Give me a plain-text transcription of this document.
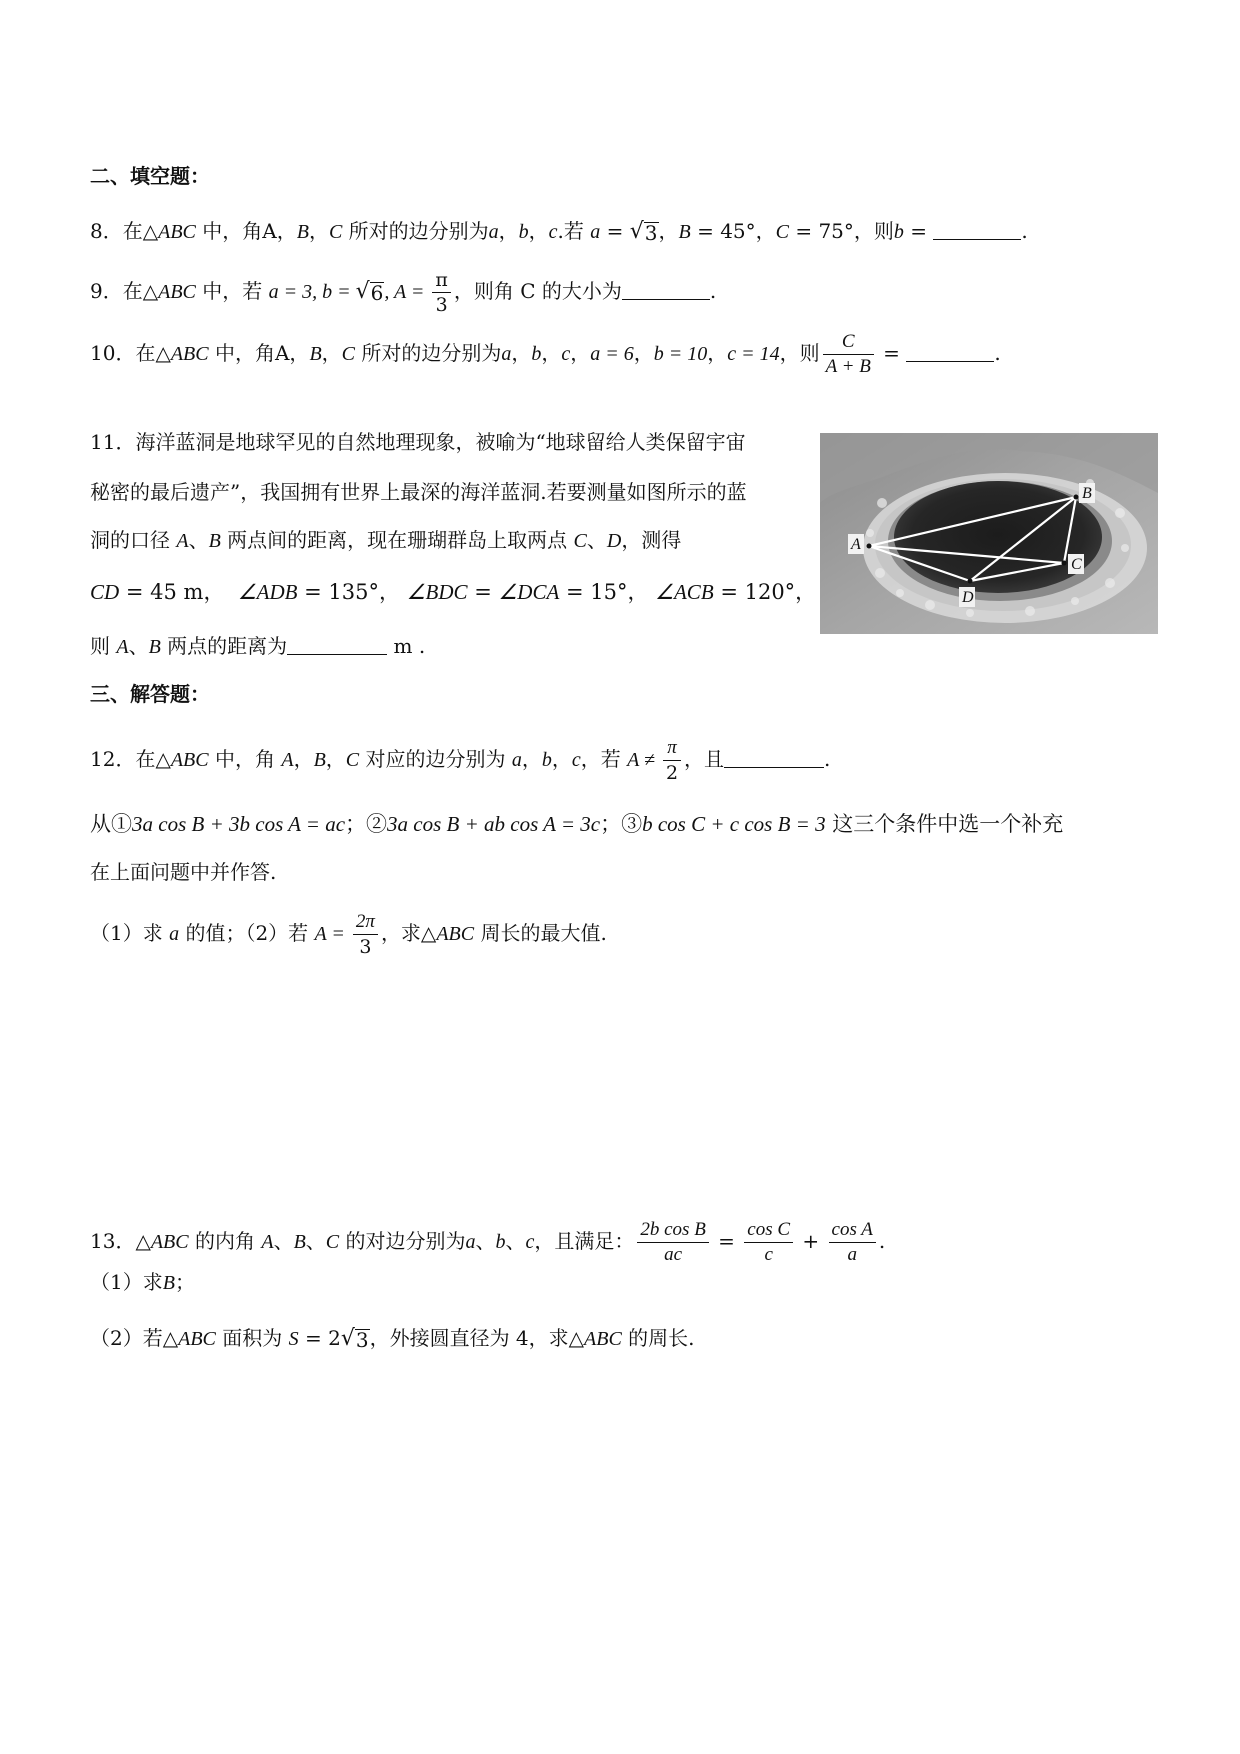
二、填空题：
8．在△ABC 中，角A，B，C 所对的边分别为a，b，c.若 a = √ 3 ，B = 45°，C = 75°，则b =	.
9．在△ABC 中，若 a = 3, b = √ 6 , $A = \frac{\pi}{3}$ ，则角 C 的大小为	.
10．在△ABC 中，角A，B，C 所对的边分别为a，b，c，a = 6，b = 10，c = 14，则 $\frac{C}{A + B}$ =	.
11．海洋蓝洞是地球罕见的自然地理现象，被喻为“地球留给人类保留宇宙
秘密的最后遗产”，我国拥有世界上最深的海洋蓝洞.若要测量如图所示的蓝
洞的口径 A、B 两点间的距离，现在珊瑚群岛上取两点 C、D，测得
CD = 45 m， ∠ADB = 135°， ∠BDC = ∠DCA = 15°， ∠ACB = 120°，
则 A、B 两点的距离为	m .
A
B
C
D
三、解答题：
12．在△ABC 中，角 A，B，C 对应的边分别为 a，b，c，若 $A \ne \frac{\pi}{2}$ ，且	.
从①3a cos B + 3b cos A = ac；②3a cos B + ab cos A = 3c；③b cos C + c cos B = 3 这三个条件中选一个补充
在上面问题中并作答.
（1）求 a 的值；（2）若 $A = \frac{2\pi}{3}$ ，求△ABC 周长的最大值.
13．△ABC 的内角 A、B、C 的对边分别为a、b、c，且满足： $\frac{\text{2b cos B}}{ac} = \frac{\text{cos C}}{c} + \frac{\text{cos A}}{a}$ .
（1）求B；
（2）若△ABC 面积为 S = 2 √ 3 ，外接圆直径为 4，求△ABC 的周长.
